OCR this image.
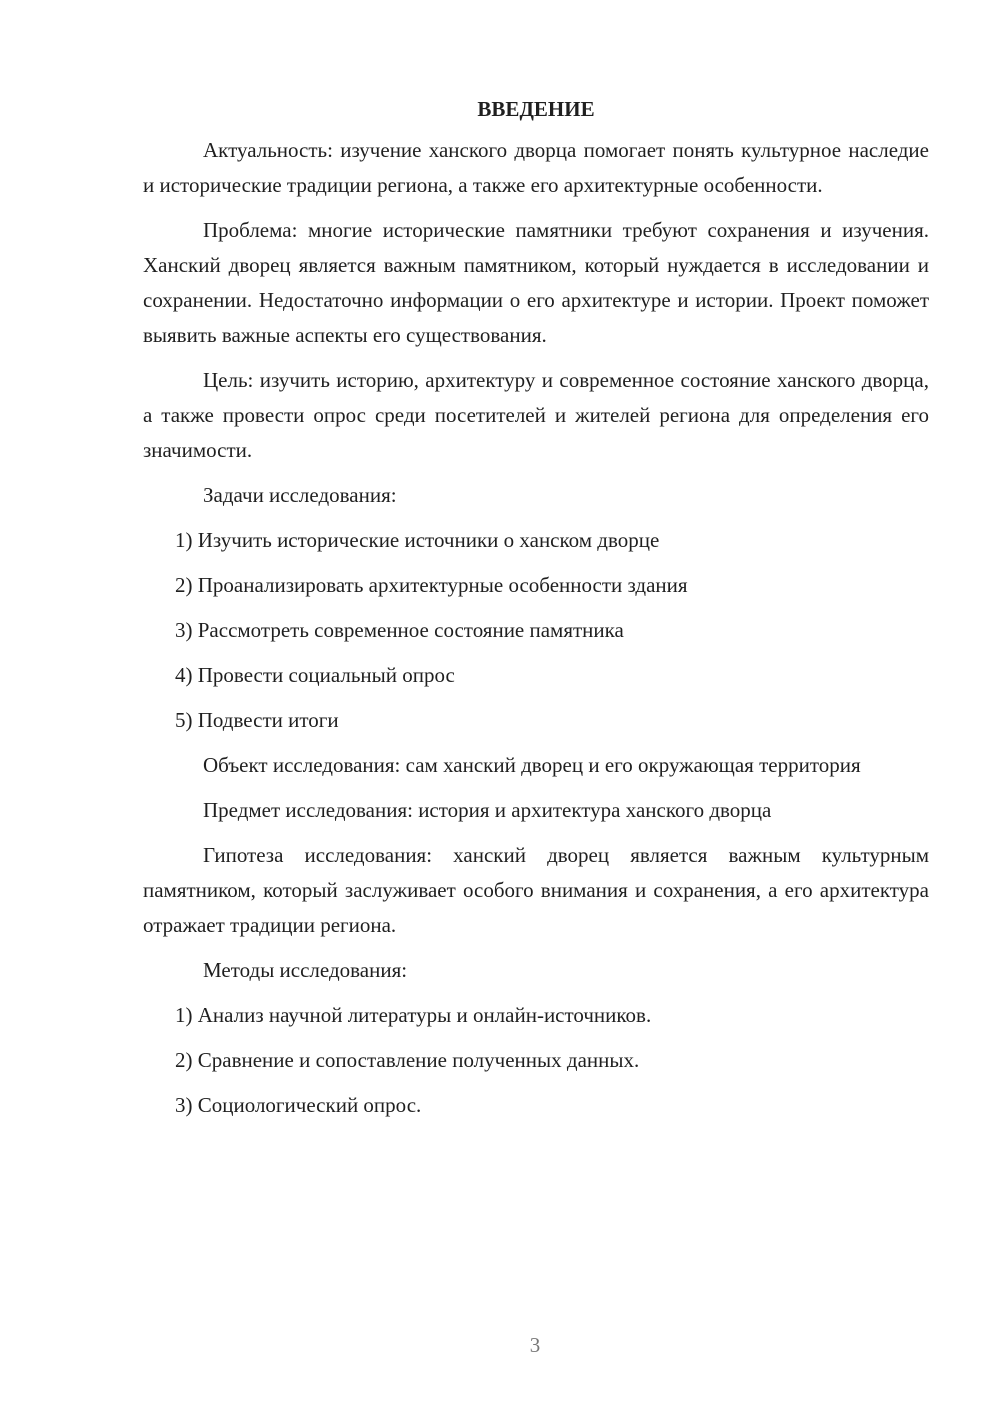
ВВЕДЕНИЕ

Актуальность: изучение ханского дворца помогает понять культурное наследие и исторические традиции региона, а также его архитектурные особенности.

Проблема: многие исторические памятники требуют сохранения и изучения. Ханский дворец является важным памятником, который нуждается в исследовании и сохранении. Недостаточно информации о его архитектуре и истории. Проект поможет выявить важные аспекты его существования.

Цель: изучить историю, архитектуру и современное состояние ханского дворца, а также провести опрос среди посетителей и жителей региона для определения его значимости.

Задачи исследования:

1) Изучить исторические источники о ханском дворце

2) Проанализировать архитектурные особенности здания

3) Рассмотреть современное состояние памятника

4) Провести социальный опрос

5) Подвести итоги

Объект исследования: сам ханский дворец и его окружающая территория

Предмет исследования: история и архитектура ханского дворца

Гипотеза исследования: ханский дворец является важным культурным памятником, который заслуживает особого внимания и сохранения, а его архитектура отражает традиции региона.

Методы исследования:

1) Анализ научной литературы и онлайн-источников.

2) Сравнение и сопоставление полученных данных.

3) Социологический опрос.

3
